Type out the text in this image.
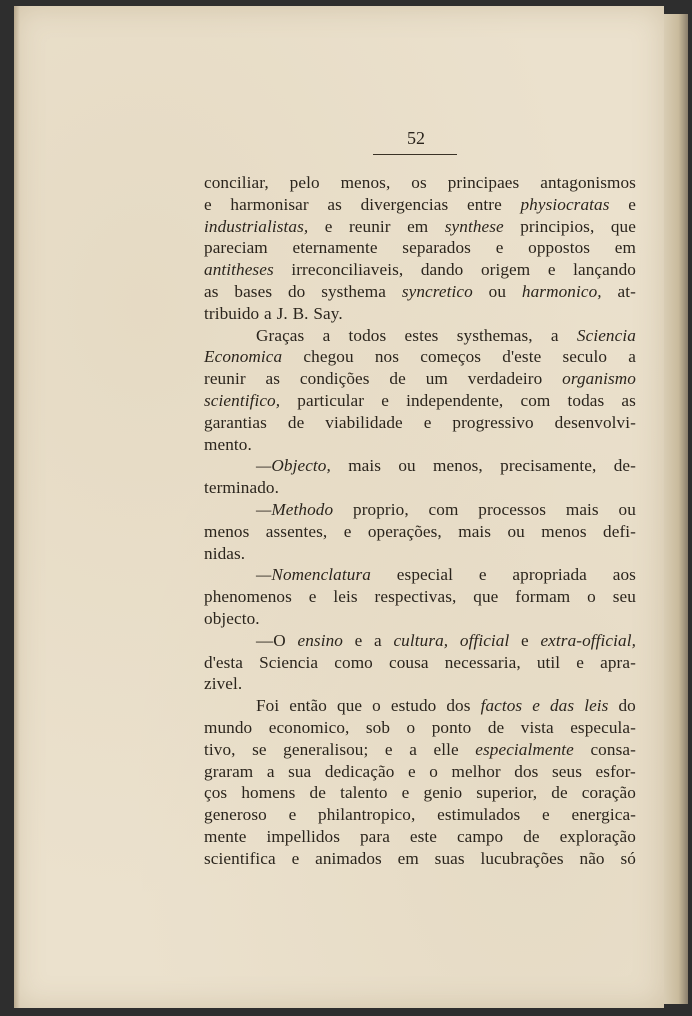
52
conciliar, pelo menos, os principaes antagonismos
e harmonisar as divergencias entre physiocratas e
industrialistas, e reunir em synthese principios, que
pareciam eternamente separados e oppostos em
antitheses irreconciliaveis, dando origem e lançando
as bases do systhema syncretico ou harmonico, at-
tribuido a J. B. Say.
Graças a todos estes systhemas, a Sciencia
Economica chegou nos começos d'este seculo a
reunir as condições de um verdadeiro organismo
scientifico, particular e independente, com todas as
garantias de viabilidade e progressivo desenvolvi-
mento.
—Objecto, mais ou menos, precisamente, de-
terminado.
—Methodo proprio, com processos mais ou
menos assentes, e operações, mais ou menos defi-
nidas.
—Nomenclatura especial e apropriada aos
phenomenos e leis respectivas, que formam o seu
objecto.
—O ensino e a cultura, official e extra-official,
d'esta Sciencia como cousa necessaria, util e apra-
zivel.
Foi então que o estudo dos factos e das leis do
mundo economico, sob o ponto de vista especula-
tivo, se generalisou; e a elle especialmente consa-
graram a sua dedicação e o melhor dos seus esfor-
ços homens de talento e genio superior, de coração
generoso e philantropico, estimulados e energica-
mente impellidos para este campo de exploração
scientifica e animados em suas lucubrações não só
